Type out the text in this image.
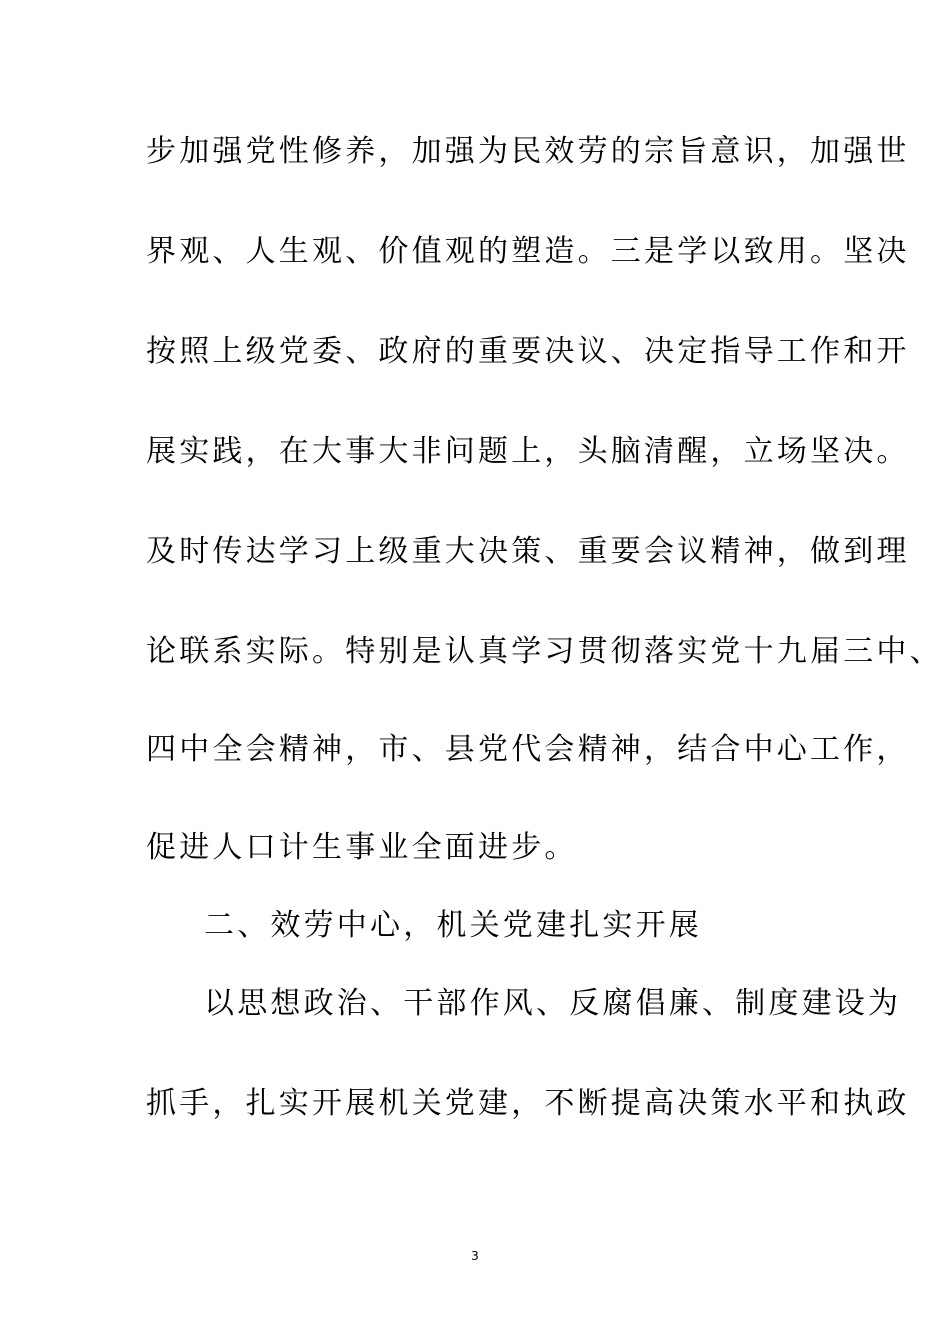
步加强党性修养，加强为民效劳的宗旨意识，加强世
界观、人生观、价值观的塑造。三是学以致用。坚决
按照上级党委、政府的重要决议、决定指导工作和开
展实践，在大事大非问题上，头脑清醒，立场坚决。
及时传达学习上级重大决策、重要会议精神，做到理
论联系实际。特别是认真学习贯彻落实党十九届三中、
四中全会精神，市、县党代会精神，结合中心工作，
促进人口计生事业全面进步。
二、效劳中心，机关党建扎实开展
以思想政治、干部作风、反腐倡廉、制度建设为
抓手，扎实开展机关党建，不断提高决策水平和执政
3
